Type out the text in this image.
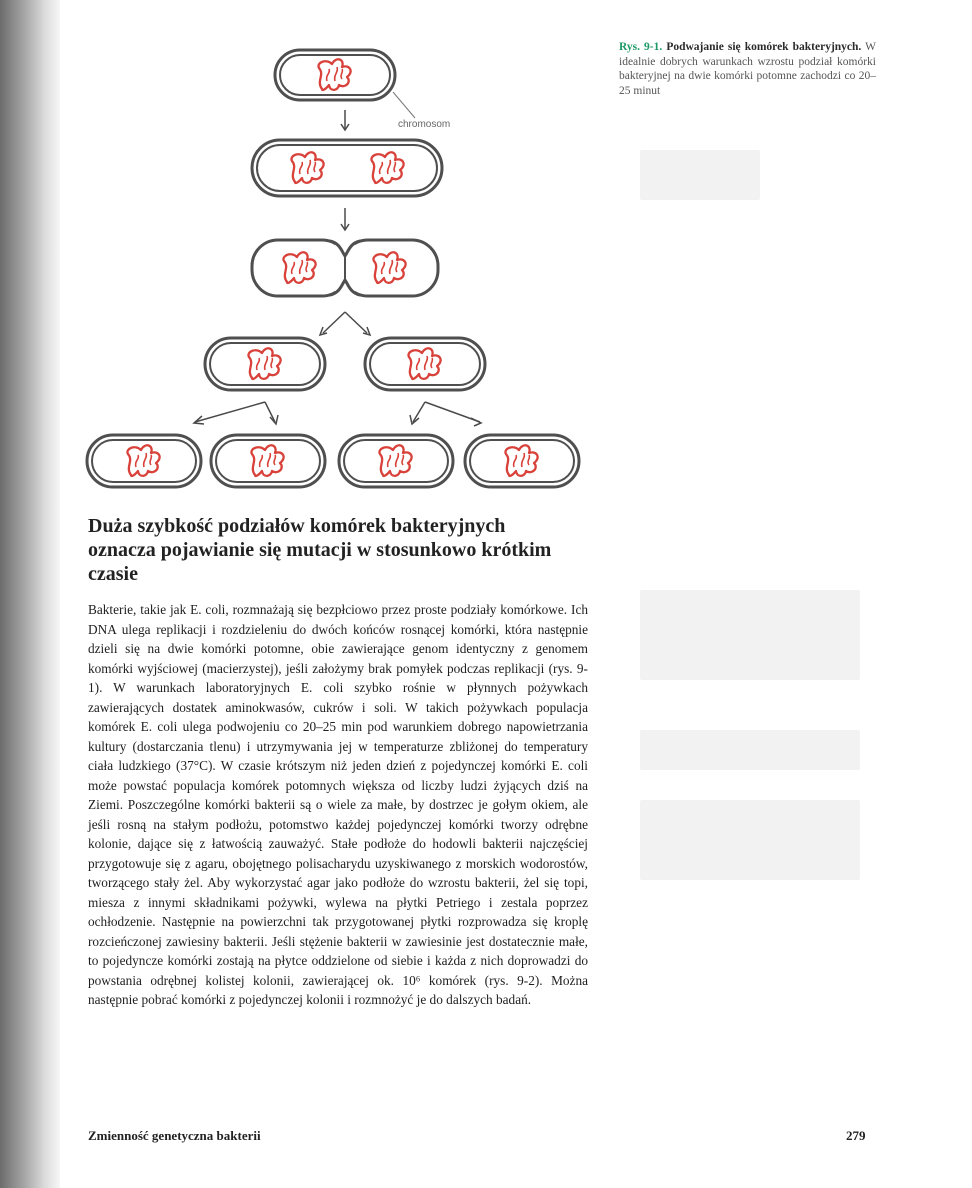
chromosom
Rys. 9-1. Podwajanie się komórek bakteryjnych. W idealnie dobrych warunkach wzrostu podział komórki bakteryjnej na dwie komórki potomne zachodzi co 20–25 minut
Duża szybkość podziałów komórek bakteryjnych oznacza pojawianie się mutacji w stosunkowo krótkim czasie

Bakterie, takie jak E. coli, rozmnażają się bezpłciowo przez proste podziały komórkowe. Ich DNA ulega replikacji i rozdzieleniu do dwóch końców rosnącej komórki, która następnie dzieli się na dwie komórki potomne, obie zawierające genom identyczny z genomem komórki wyjściowej (macierzystej), jeśli założymy brak pomyłek podczas replikacji (rys. 9-1). W warunkach laboratoryjnych E. coli szybko rośnie w płynnych pożywkach zawierających dostatek aminokwasów, cukrów i soli. W takich pożywkach populacja komórek E. coli ulega podwojeniu co 20–25 min pod warunkiem dobrego napowietrzania kultury (dostarczania tlenu) i utrzymywania jej w temperaturze zbliżonej do temperatury ciała ludzkiego (37°C). W czasie krótszym niż jeden dzień z pojedynczej komórki E. coli może powstać populacja komórek potomnych większa od liczby ludzi żyjących dziś na Ziemi. Poszczególne komórki bakterii są o wiele za małe, by dostrzec je gołym okiem, ale jeśli rosną na stałym podłożu, potomstwo każdej pojedynczej komórki tworzy odrębne kolonie, dające się z łatwością zauważyć. Stałe podłoże do hodowli bakterii najczęściej przygotowuje się z agaru, obojętnego polisacharydu uzyskiwanego z morskich wodorostów, tworzącego stały żel. Aby wykorzystać agar jako podłoże do wzrostu bakterii, żel się topi, miesza z innymi składnikami pożywki, wylewa na płytki Petriego i zestala poprzez ochłodzenie. Następnie na powierzchni tak przygotowanej płytki rozprowadza się kroplę rozcieńczonej zawiesiny bakterii. Jeśli stężenie bakterii w zawiesinie jest dostatecznie małe, to pojedyncze komórki zostają na płytce oddzielone od siebie i każda z nich doprowadzi do powstania odrębnej kolistej kolonii, zawierającej ok. 10⁶ komórek (rys. 9-2). Można następnie pobrać komórki z pojedynczej kolonii i rozmnożyć je do dalszych badań.

Zmienność genetyczna bakterii	279
